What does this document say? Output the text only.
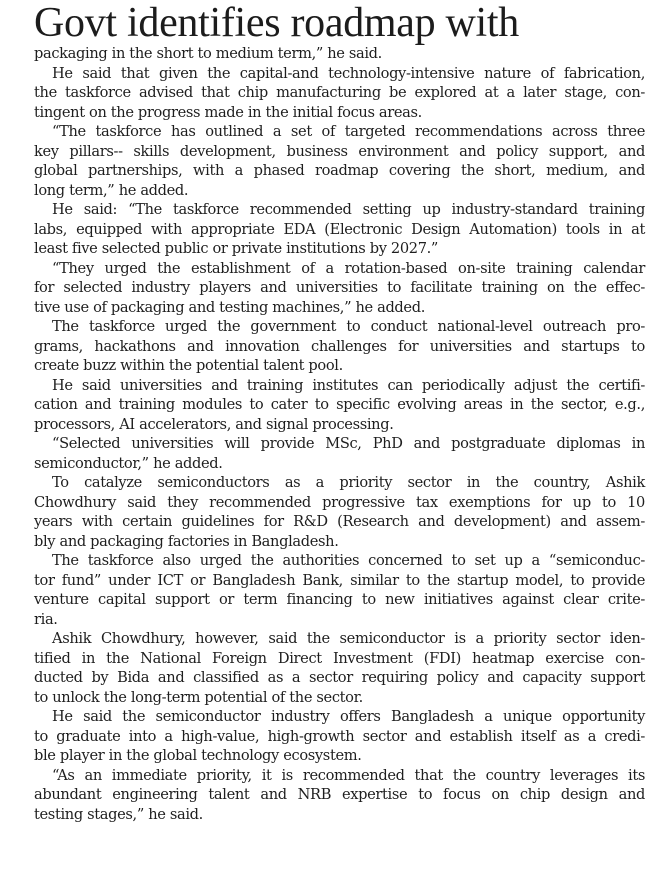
Govt identifies roadmap with
packaging in the short to medium term,” he said.
He said that given the capital-and technology-intensive nature of fabrication,
the taskforce advised that chip manufacturing be explored at a later stage, con-
tingent on the progress made in the initial focus areas.
“The taskforce has outlined a set of targeted recommendations across three
key pillars-- skills development, business environment and policy support, and
global partnerships, with a phased roadmap covering the short, medium, and
long term,” he added.
He said: “The taskforce recommended setting up industry-standard training
labs, equipped with appropriate EDA (Electronic Design Automation) tools in at
least five selected public or private institutions by 2027.”
“They urged the establishment of a rotation-based on-site training calendar
for selected industry players and universities to facilitate training on the effec-
tive use of packaging and testing machines,” he added.
The taskforce urged the government to conduct national-level outreach pro-
grams, hackathons and innovation challenges for universities and startups to
create buzz within the potential talent pool.
He said universities and training institutes can periodically adjust the certifi-
cation and training modules to cater to specific evolving areas in the sector, e.g.,
processors, AI accelerators, and signal processing.
“Selected universities will provide MSc, PhD and postgraduate diplomas in
semiconductor,” he added.
To catalyze semiconductors as a priority sector in the country, Ashik
Chowdhury said they recommended progressive tax exemptions for up to 10
years with certain guidelines for R&D (Research and development) and assem-
bly and packaging factories in Bangladesh.
The taskforce also urged the authorities concerned to set up a “semiconduc-
tor fund” under ICT or Bangladesh Bank, similar to the startup model, to provide
venture capital support or term financing to new initiatives against clear crite-
ria.
Ashik Chowdhury, however, said the semiconductor is a priority sector iden-
tified in the National Foreign Direct Investment (FDI) heatmap exercise con-
ducted by Bida and classified as a sector requiring policy and capacity support
to unlock the long-term potential of the sector.
He said the semiconductor industry offers Bangladesh a unique opportunity
to graduate into a high-value, high-growth sector and establish itself as a credi-
ble player in the global technology ecosystem.
“As an immediate priority, it is recommended that the country leverages its
abundant engineering talent and NRB expertise to focus on chip design and
testing stages,” he said.
